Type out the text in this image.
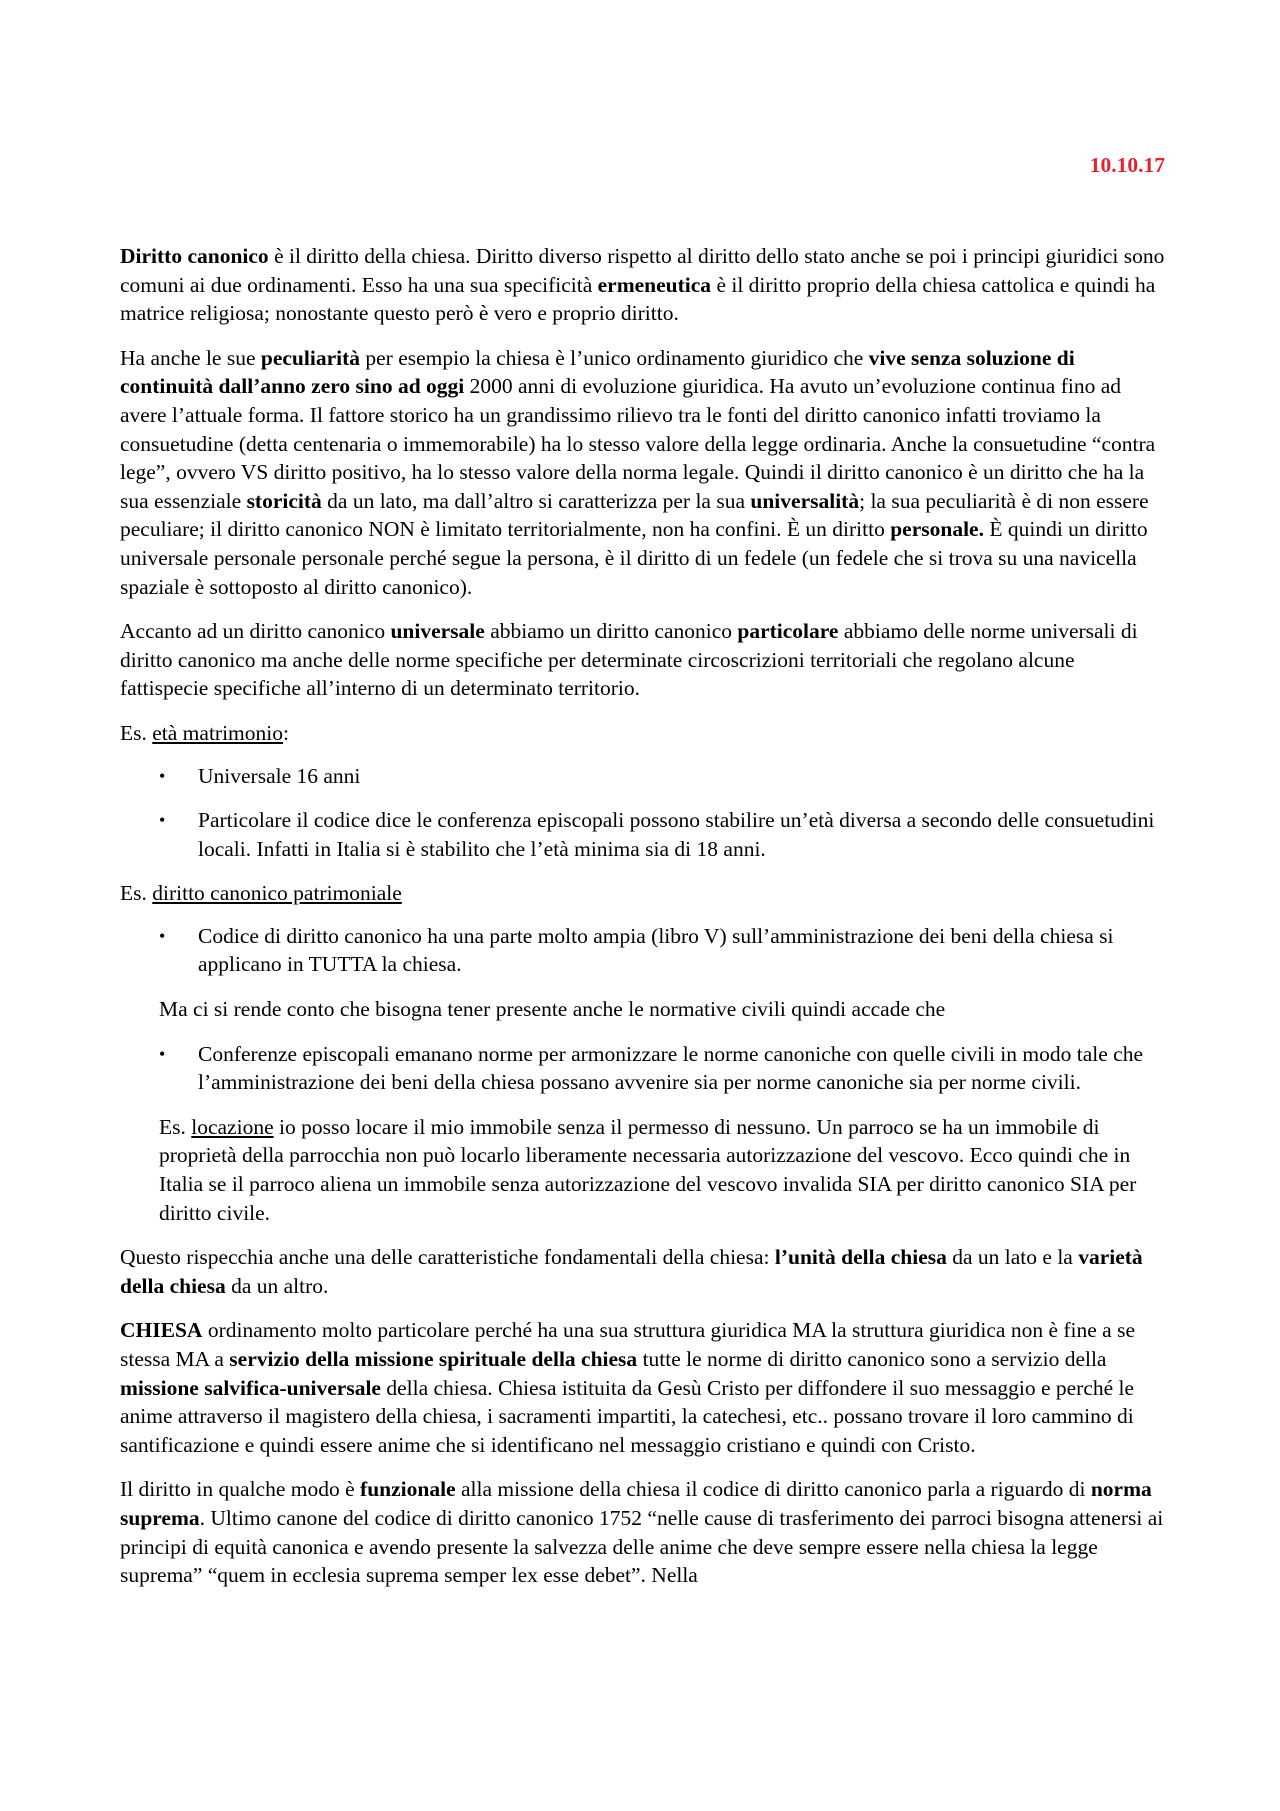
10.10.17

Diritto canonico è il diritto della chiesa. Diritto diverso rispetto al diritto dello stato anche se poi i principi giuridici sono comuni ai due ordinamenti. Esso ha una sua specificità ermeneutica è il diritto proprio della chiesa cattolica e quindi ha matrice religiosa; nonostante questo però è vero e proprio diritto.

Ha anche le sue peculiarità per esempio la chiesa è l’unico ordinamento giuridico che vive senza soluzione di continuità dall’anno zero sino ad oggi 2000 anni di evoluzione giuridica. Ha avuto un’evoluzione continua fino ad avere l’attuale forma. Il fattore storico ha un grandissimo rilievo tra le fonti del diritto canonico infatti troviamo la consuetudine (detta centenaria o immemorabile) ha lo stesso valore della legge ordinaria. Anche la consuetudine “contra lege”, ovvero VS diritto positivo, ha lo stesso valore della norma legale. Quindi il diritto canonico è un diritto che ha la sua essenziale storicità da un lato, ma dall’altro si caratterizza per la sua universalità; la sua peculiarità è di non essere peculiare; il diritto canonico NON è limitato territorialmente, non ha confini. È un diritto personale. È quindi un diritto universale personale personale perché segue la persona, è il diritto di un fedele (un fedele che si trova su una navicella spaziale è sottoposto al diritto canonico).

Accanto ad un diritto canonico universale abbiamo un diritto canonico particolare abbiamo delle norme universali di diritto canonico ma anche delle norme specifiche per determinate circoscrizioni territoriali che regolano alcune fattispecie specifiche all’interno di un determinato territorio.

Es. età matrimonio:

• Universale 16 anni
• Particolare il codice dice le conferenza episcopali possono stabilire un’età diversa a secondo delle consuetudini locali. Infatti in Italia si è stabilito che l’età minima sia di 18 anni.

Es. diritto canonico patrimoniale

• Codice di diritto canonico ha una parte molto ampia (libro V) sull’amministrazione dei beni della chiesa si applicano in TUTTA la chiesa.

Ma ci si rende conto che bisogna tener presente anche le normative civili quindi accade che

• Conferenze episcopali emanano norme per armonizzare le norme canoniche con quelle civili in modo tale che l’amministrazione dei beni della chiesa possano avvenire sia per norme canoniche sia per norme civili.

Es. locazione io posso locare il mio immobile senza il permesso di nessuno. Un parroco se ha un immobile di proprietà della parrocchia non può locarlo liberamente necessaria autorizzazione del vescovo. Ecco quindi che in Italia se il parroco aliena un immobile senza autorizzazione del vescovo invalida SIA per diritto canonico SIA per diritto civile.

Questo rispecchia anche una delle caratteristiche fondamentali della chiesa: l’unità della chiesa da un lato e la varietà della chiesa da un altro.

CHIESA ordinamento molto particolare perché ha una sua struttura giuridica MA la struttura giuridica non è fine a se stessa MA a servizio della missione spirituale della chiesa tutte le norme di diritto canonico sono a servizio della missione salvifica-universale della chiesa. Chiesa istituita da Gesù Cristo per diffondere il suo messaggio e perché le anime attraverso il magistero della chiesa, i sacramenti impartiti, la catechesi, etc.. possano trovare il loro cammino di santificazione e quindi essere anime che si identificano nel messaggio cristiano e quindi con Cristo.

Il diritto in qualche modo è funzionale alla missione della chiesa il codice di diritto canonico parla a riguardo di norma suprema. Ultimo canone del codice di diritto canonico 1752 “nelle cause di trasferimento dei parroci bisogna attenersi ai principi di equità canonica e avendo presente la salvezza delle anime che deve sempre essere nella chiesa la legge suprema” “quem in ecclesia suprema semper lex esse debet”. Nella
